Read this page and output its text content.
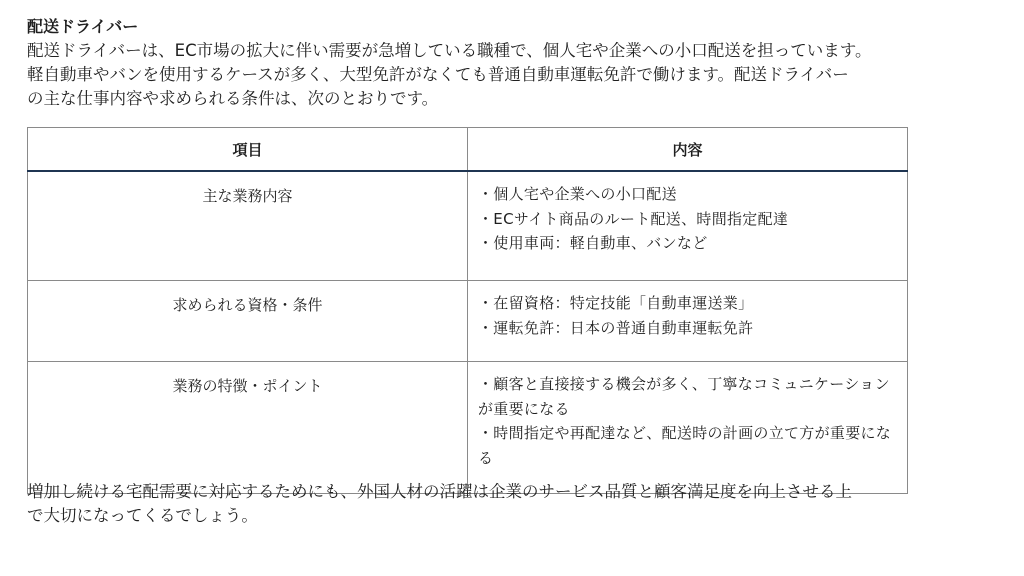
配送ドライバー
配送ドライバーは、EC市場の拡大に伴い需要が急増している職種で、個人宅や企業への小口配送を担っています。
軽自動車やバンを使用するケースが多く、大型免許がなくても普通自動車運転免許で働けます。配送ドライバー
の主な仕事内容や求められる条件は、次のとおりです。
項目	内容
主な業務内容	・個人宅や企業への小口配送
・ECサイト商品のルート配送、時間指定配達
・使用車両：軽自動車、バンなど

求められる資格・条件	・在留資格：特定技能「自動車運送業」
・運転免許：日本の普通自動車運転免許

業務の特徴・ポイント	・顧客と直接接する機会が多く、丁寧なコミュニケーションが重要になる
・時間指定や再配達など、配送時の計画の立て方が重要になる
増加し続ける宅配需要に対応するためにも、外国人材の活躍は企業のサービス品質と顧客満足度を向上させる上
で大切になってくるでしょう。
